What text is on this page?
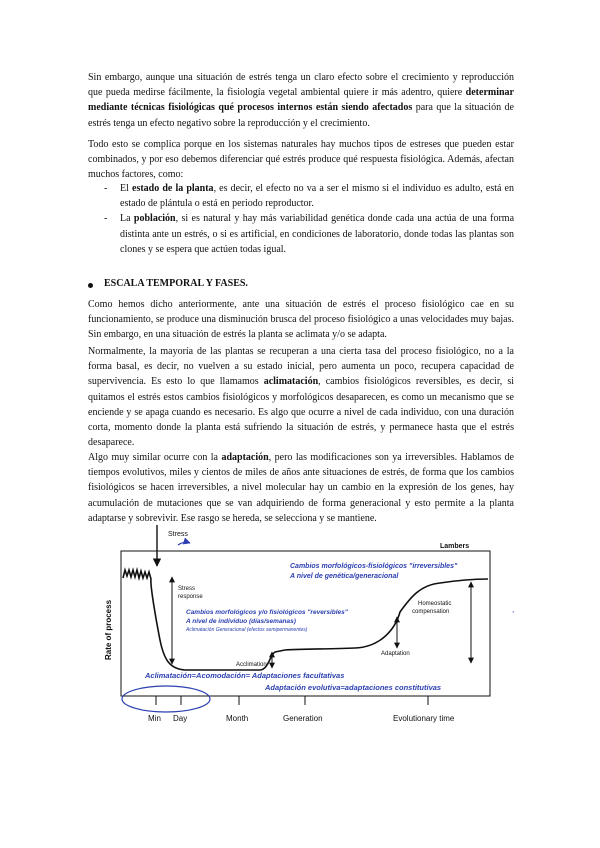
Sin embargo, aunque una situación de estrés tenga un claro efecto sobre el crecimiento y reproducción que pueda medirse fácilmente, la fisiología vegetal ambiental quiere ir más adentro, quiere determinar mediante técnicas fisiológicas qué procesos internos están siendo afectados para que la situación de estrés tenga un efecto negativo sobre la reproducción y el crecimiento.

Todo esto se complica porque en los sistemas naturales hay muchos tipos de estreses que pueden estar combinados, y por eso debemos diferenciar qué estrés produce qué respuesta fisiológica. Además, afectan muchos factores, como:

- El estado de la planta, es decir, el efecto no va a ser el mismo si el individuo es adulto, está en estado de plántula o está en periodo reproductor.
- La población, si es natural y hay más variabilidad genética donde cada una actúa de una forma distinta ante un estrés, o si es artificial, en condiciones de laboratorio, donde todas las plantas son clones y se espera que actúen todas igual.
ESCALA TEMPORAL Y FASES.

Como hemos dicho anteriormente, ante una situación de estrés el proceso fisiológico cae en su funcionamiento, se produce una disminución brusca del proceso fisiológico a unas velocidades muy bajas. Sin embargo, en una situación de estrés la planta se aclimata y/o se adapta.

Normalmente, la mayoría de las plantas se recuperan a una cierta tasa del proceso fisiológico, no a la forma basal, es decir, no vuelven a su estado inicial, pero aumenta un poco, recupera capacidad de supervivencia. Es esto lo que llamamos aclimatación, cambios fisiológicos reversibles, es decir, si quitamos el estrés estos cambios fisiológicos y morfológicos desaparecen, es como un mecanismo que se enciende y se apaga cuando es necesario. Es algo que ocurre a nivel de cada individuo, con una duración corta, momento donde la planta está sufriendo la situación de estrés, y permanece hasta que el estrés desaparece.

Algo muy similar ocurre con la adaptación, pero las modificaciones son ya irreversibles. Hablamos de tiempos evolutivos, miles y cientos de miles de años ante situaciones de estrés, de forma que los cambios fisiológicos se hacen irreversibles, a nivel molecular hay un cambio en la expresión de los genes, hay acumulación de mutaciones que se van adquiriendo de forma generacional y esto permite a la planta adaptarse y sobrevivir. Ese rasgo se hereda, se selecciona y se mantiene.

Stress
Lambers
Rate of process
Stress response
Cambios morfológicos-fisiológicos "irreversibles"
A nivel de genética/generacional
Cambios morfológicos y/o fisiológicos "reversibles"
A nivel de individuo (días/semanas)
Aclimatación Generacional (efectos semipermanentes)
Homeostatic compensation
Adaptation
Acclimation
Aclimatación=Acomodación= Adaptaciones facultativas
Adaptación evolutiva=adaptaciones constitutivas
Min Day	Month	Generation	Evolutionary time
,
